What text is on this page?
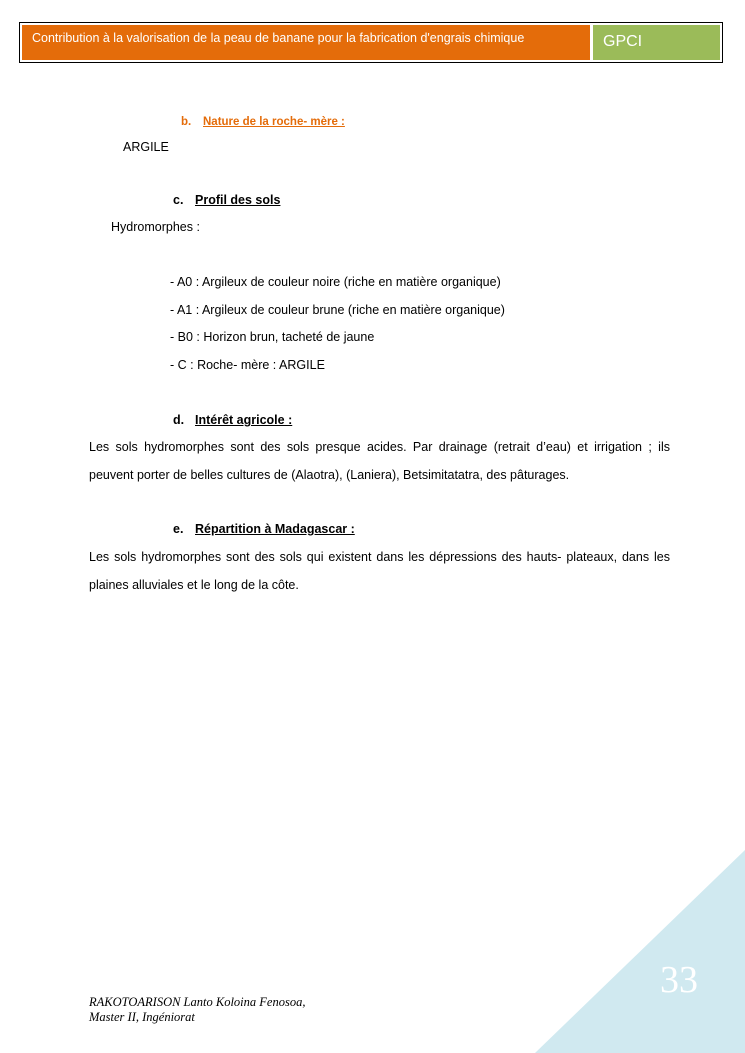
Contribution à la valorisation de la peau de banane pour la fabrication d'engrais chimique	GPCI
b. Nature de la roche- mère :
ARGILE
c. Profil des sols
Hydromorphes :
- A0 : Argileux de couleur noire (riche en matière organique)
- A1 : Argileux de couleur brune (riche en matière organique)
- B0 : Horizon brun, tacheté de jaune
- C : Roche- mère : ARGILE
d. Intérêt agricole :
Les sols hydromorphes sont des sols presque acides. Par drainage (retrait d’eau) et irrigation ; ils peuvent porter de belles cultures de (Alaotra), (Laniera), Betsimitatatra, des pâturages.
e. Répartition à Madagascar :
Les sols hydromorphes sont des sols qui existent dans les dépressions des hauts- plateaux, dans les plaines alluviales et le long de la côte.
33
RAKOTOARISON Lanto Koloina Fenosoa,
Master II, Ingéniorat
